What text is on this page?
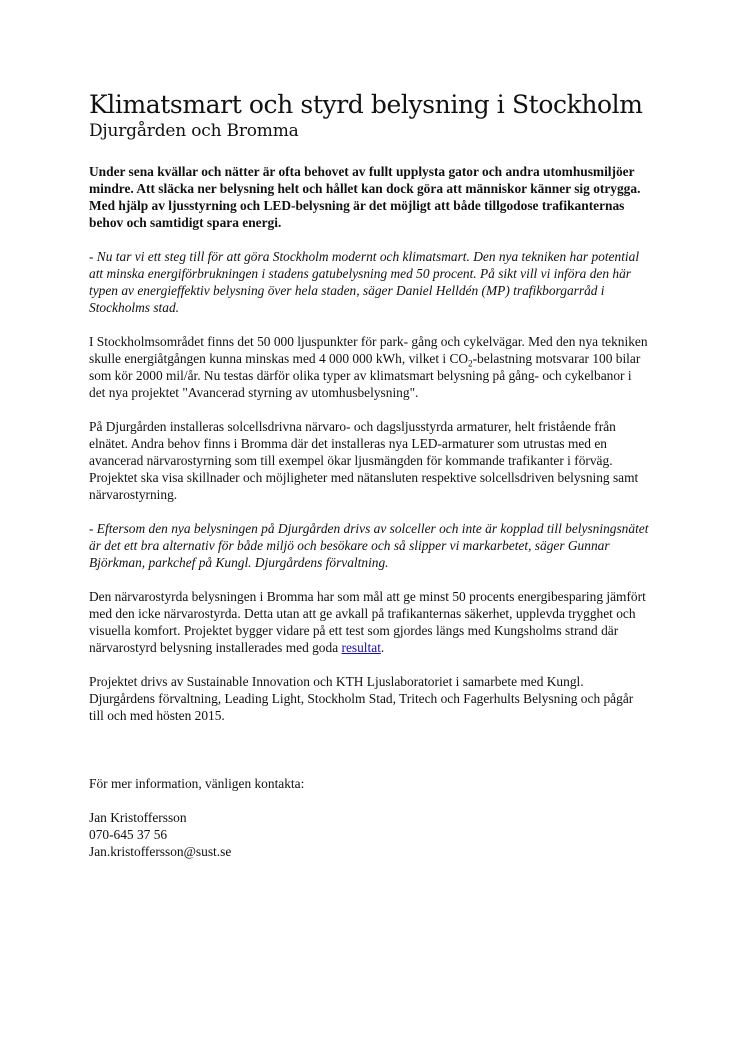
Klimatsmart och styrd belysning i Stockholm
Djurgården och Bromma

Under sena kvällar och nätter är ofta behovet av fullt upplysta gator och andra utomhusmiljöer mindre. Att släcka ner belysning helt och hållet kan dock göra att människor känner sig otrygga. Med hjälp av ljusstyrning och LED-belysning är det möjligt att både tillgodose trafikanternas behov och samtidigt spara energi.

- Nu tar vi ett steg till för att göra Stockholm modernt och klimatsmart. Den nya tekniken har potential att minska energiförbrukningen i stadens gatubelysning med 50 procent. På sikt vill vi införa den här typen av energieffektiv belysning över hela staden, säger Daniel Helldén (MP) trafikborgarråd i Stockholms stad.

I Stockholmsområdet finns det 50 000 ljuspunkter för park- gång och cykelvägar. Med den nya tekniken skulle energiåtgången kunna minskas med 4 000 000 kWh, vilket i $CO_2$-belastning motsvarar 100 bilar som kör 2000 mil/år. Nu testas därför olika typer av klimatsmart belysning på gång- och cykelbanor i det nya projektet "Avancerad styrning av utomhusbelysning".

På Djurgården installeras solcellsdrivna närvaro- och dagsljusstyrda armaturer, helt fristående från elnätet. Andra behov finns i Bromma där det installeras nya LED-armaturer som utrustas med en avancerad närvarostyrning som till exempel ökar ljusmängden för kommande trafikanter i förväg. Projektet ska visa skillnader och möjligheter med nätansluten respektive solcellsdriven belysning samt närvarostyrning.

- Eftersom den nya belysningen på Djurgården drivs av solceller och inte är kopplad till belysningsnätet är det ett bra alternativ för både miljö och besökare och så slipper vi markarbetet, säger Gunnar Björkman, parkchef på Kungl. Djurgårdens förvaltning.

Den närvarostyrda belysningen i Bromma har som mål att ge minst 50 procents energibesparing jämfört med den icke närvarostyrda. Detta utan att ge avkall på trafikanternas säkerhet, upplevda trygghet och visuella komfort. Projektet bygger vidare på ett test som gjordes längs med Kungsholms strand där närvarostyrd belysning installerades med goda resultat.

Projektet drivs av Sustainable Innovation och KTH Ljuslaboratoriet i samarbete med Kungl. Djurgårdens förvaltning, Leading Light, Stockholm Stad, Tritech och Fagerhults Belysning och pågår till och med hösten 2015.

För mer information, vänligen kontakta:

Jan Kristoffersson

070-645 37 56

Jan.kristoffersson@sust.se
